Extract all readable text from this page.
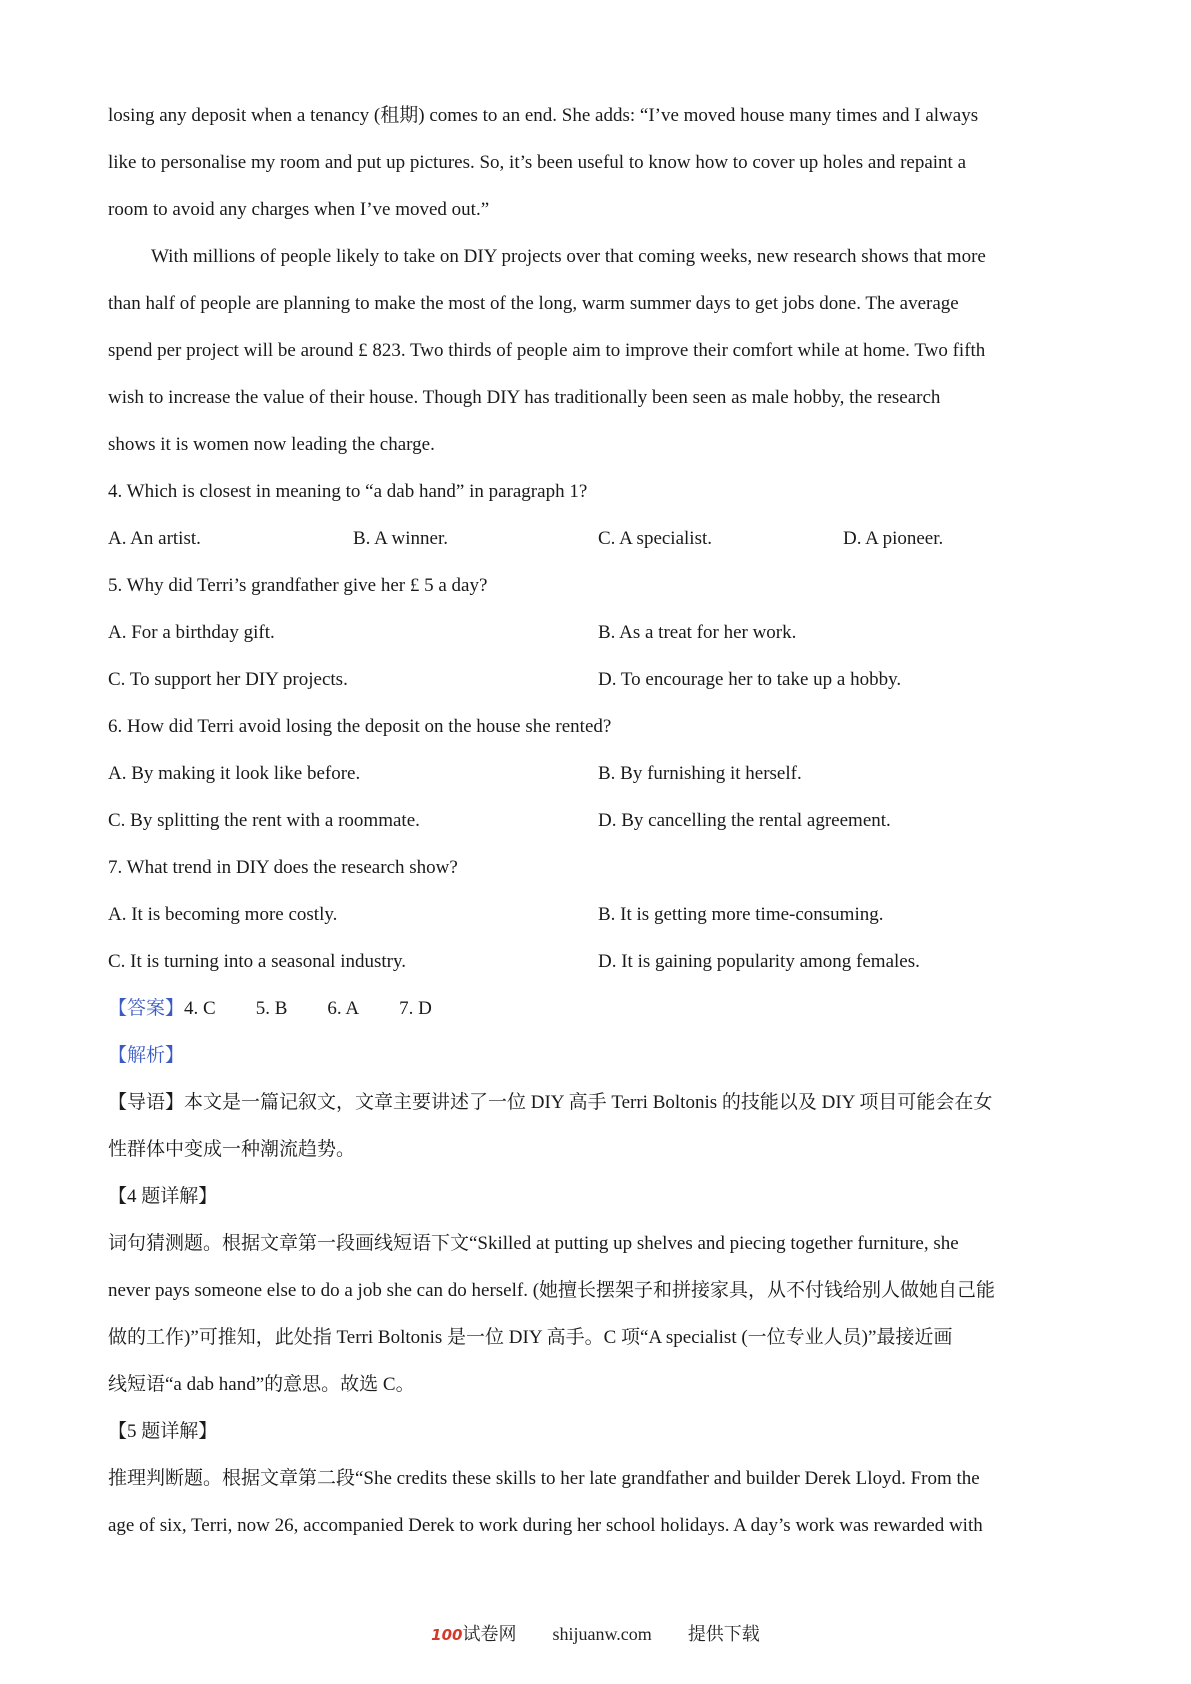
losing any deposit when a tenancy (租期) comes to an end. She adds: “I’ve moved house many times and I always
like to personalise my room and put up pictures. So, it’s been useful to know how to cover up holes and repaint a
room to avoid any charges when I’ve moved out.”
With millions of people likely to take on DIY projects over that coming weeks, new research shows that more
than half of people are planning to make the most of the long, warm summer days to get jobs done. The average
spend per project will be around £ 823. Two thirds of people aim to improve their comfort while at home. Two fifth
wish to increase the value of their house. Though DIY has traditionally been seen as male hobby, the research
shows it is women now leading the charge.
4. Which is closest in meaning to “a dab hand” in paragraph 1?
A. An artist.	B. A winner.	C. A specialist.	D. A pioneer.
5. Why did Terri’s grandfather give her £ 5 a day?
A. For a birthday gift.	B. As a treat for her work.
C. To support her DIY projects.	D. To encourage her to take up a hobby.
6. How did Terri avoid losing the deposit on the house she rented?
A. By making it look like before.	B. By furnishing it herself.
C. By splitting the rent with a roommate.	D. By cancelling the rental agreement.
7. What trend in DIY does the research show?
A. It is becoming more costly.	B. It is getting more time-consuming.
C. It is turning into a seasonal industry.	D. It is gaining popularity among females.
【答案】4. C 5. B 6. A 7. D
【解析】
【导语】本文是一篇记叙文，文章主要讲述了一位 DIY 高手 Terri Boltonis 的技能以及 DIY 项目可能会在女
性群体中变成一种潮流趋势。
【4 题详解】
词句猜测题。根据文章第一段画线短语下文“Skilled at putting up shelves and piecing together furniture, she
never pays someone else to do a job she can do herself. (她擅长摆架子和拼接家具，从不付钱给别人做她自己能
做的工作)”可推知，此处指 Terri Boltonis 是一位 DIY 高手。C 项“A specialist (一位专业人员)”最接近画
线短语“a dab hand”的意思。故选 C。
【5 题详解】
推理判断题。根据文章第二段“She credits these skills to her late grandfather and builder Derek Lloyd. From the
age of six, Terri, now 26, accompanied Derek to work during her school holidays. A day’s work was rewarded with
100试卷网 shijuanw.com 提供下载
